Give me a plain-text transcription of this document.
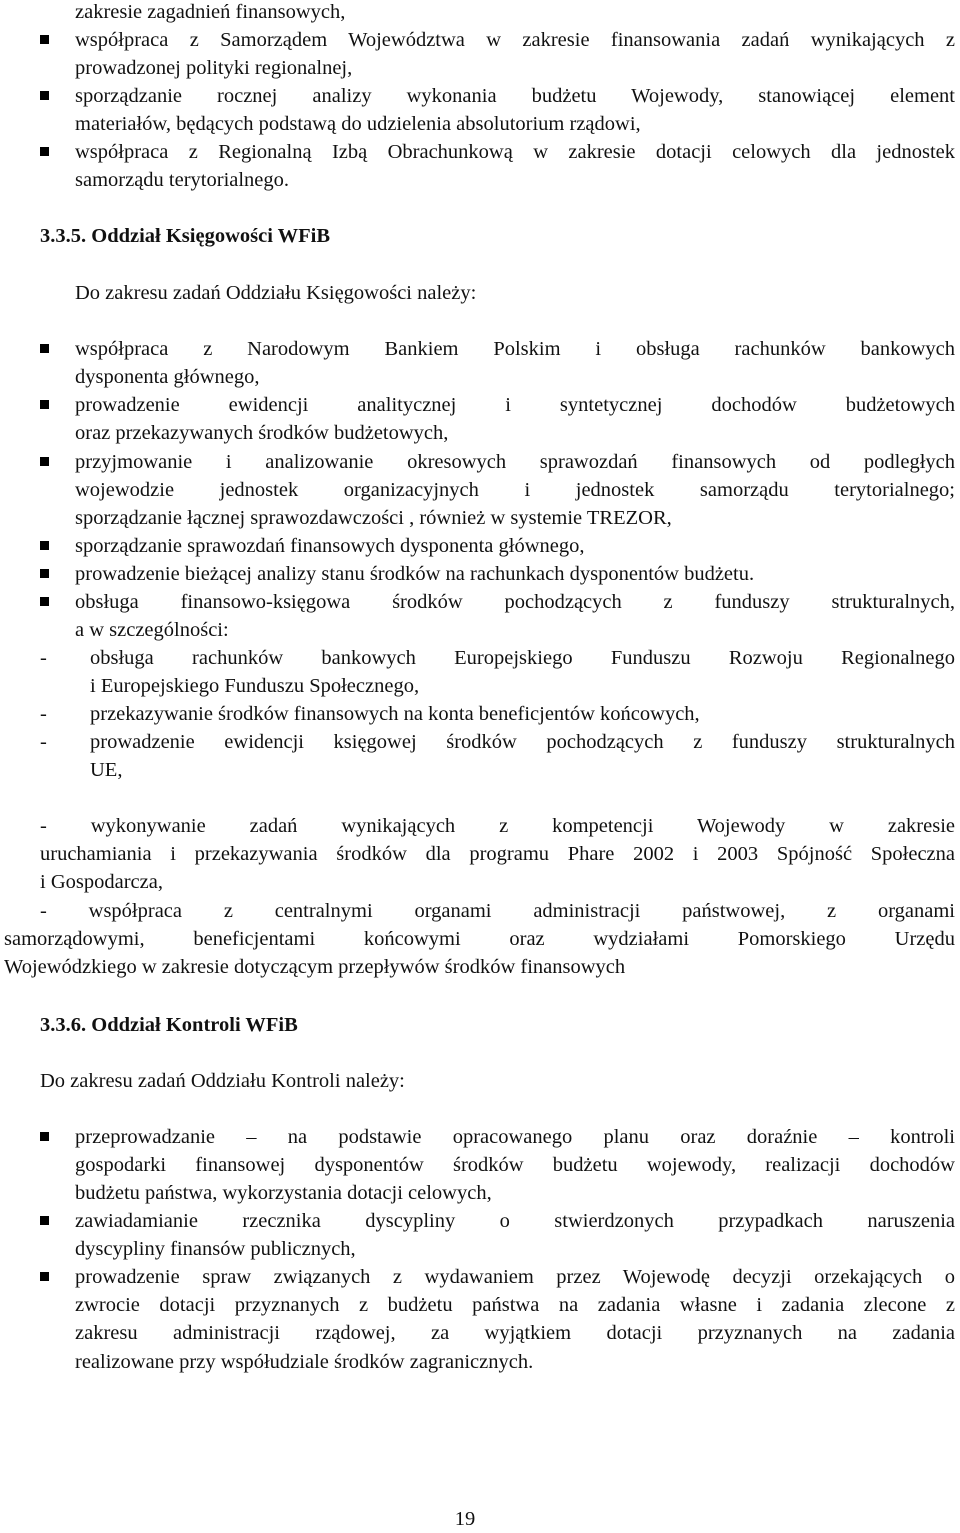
zakresie zagadnień finansowych,
współpraca z Samorządem Województwa w zakresie finansowania zadań wynikających z
prowadzonej polityki regionalnej,
sporządzanie rocznej analizy wykonania budżetu Wojewody, stanowiącej element
materiałów, będących podstawą do udzielenia absolutorium rządowi,
współpraca z Regionalną Izbą Obrachunkową w zakresie dotacji celowych dla jednostek
samorządu terytorialnego.
3.3.5. Oddział Księgowości WFiB
Do zakresu zadań Oddziału Księgowości należy:
współpraca z Narodowym Bankiem Polskim i obsługa rachunków bankowych
dysponenta głównego,
prowadzenie ewidencji analitycznej i syntetycznej dochodów budżetowych
oraz przekazywanych środków budżetowych,
przyjmowanie i analizowanie okresowych sprawozdań finansowych od podległych
wojewodzie jednostek organizacyjnych i jednostek samorządu terytorialnego;
sporządzanie łącznej sprawozdawczości , również w systemie TREZOR,
sporządzanie sprawozdań finansowych dysponenta głównego,
prowadzenie bieżącej analizy stanu środków na rachunkach dysponentów budżetu.
obsługa finansowo-księgowa środków pochodzących z funduszy strukturalnych,
a w szczególności:
- obsługa rachunków bankowych Europejskiego Funduszu Rozwoju Regionalnego
i Europejskiego Funduszu Społecznego,
- przekazywanie środków finansowych na konta beneficjentów końcowych,
- prowadzenie ewidencji księgowej środków pochodzących z funduszy strukturalnych
UE,
- wykonywanie zadań wynikających z kompetencji Wojewody w zakresie
uruchamiania i przekazywania środków dla programu Phare 2002 i 2003 Spójność Społeczna
i Gospodarcza,
- współpraca z centralnymi organami administracji państwowej, z organami
samorządowymi, beneficjentami końcowymi oraz wydziałami Pomorskiego Urzędu
Wojewódzkiego w zakresie dotyczącym przepływów środków finansowych
3.3.6. Oddział Kontroli WFiB
Do zakresu zadań Oddziału Kontroli należy:
przeprowadzanie – na podstawie opracowanego planu oraz doraźnie – kontroli
gospodarki finansowej dysponentów środków budżetu wojewody, realizacji dochodów
budżetu państwa, wykorzystania dotacji celowych,
zawiadamianie rzecznika dyscypliny o stwierdzonych przypadkach naruszenia
dyscypliny finansów publicznych,
prowadzenie spraw związanych z wydawaniem przez Wojewodę decyzji orzekających o
zwrocie dotacji przyznanych z budżetu państwa na zadania własne i zadania zlecone z
zakresu administracji rządowej, za wyjątkiem dotacji przyznanych na zadania
realizowane przy współudziale środków zagranicznych.
19
